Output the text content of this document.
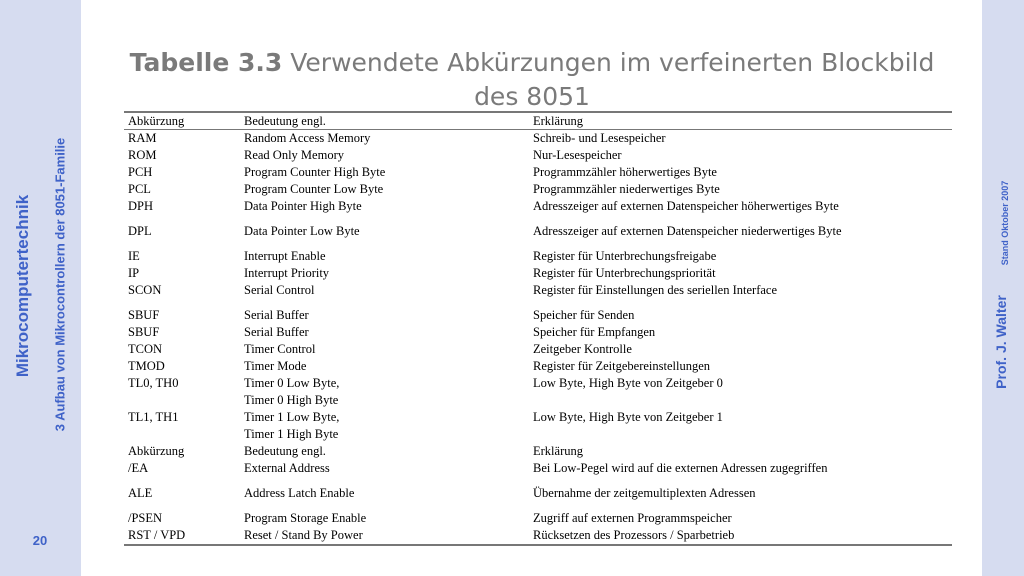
Mikrocomputertechnik 3 Aufbau von Mikrocontrollern der 8051-Familie	Prof. J. Walter
Stand Oktober 2007
20
Tabelle 3.3 Verwendete Abkürzungen im verfeinerten Blockbild des 8051
Abkürzung	Bedeutung engl.	Erklärung
RAM	Random Access Memory	Schreib- und Lesespeicher
ROM	Read Only Memory	Nur-Lesespeicher
PCH	Program Counter High Byte	Programmzähler höherwertiges Byte
PCL	Program Counter Low Byte	Programmzähler niederwertiges Byte
DPH	Data Pointer High Byte	Adresszeiger auf externen Datenspeicher höherwertiges Byte
DPL	Data Pointer Low Byte	Adresszeiger auf externen Datenspeicher niederwertiges Byte
IE	Interrupt Enable	Register für Unterbrechungsfreigabe
IP	Interrupt Priority	Register für Unterbrechungspriorität
SCON	Serial Control	Register für Einstellungen des seriellen Interface
SBUF	Serial Buffer	Speicher für Senden
SBUF	Serial Buffer	Speicher für Empfangen
TCON	Timer Control	Zeitgeber Kontrolle
TMOD	Timer Mode	Register für Zeitgebereinstellungen
TL0, TH0	Timer 0 Low Byte,	Low Byte, High Byte von Zeitgeber 0
	Timer 0 High Byte	
TL1, TH1	Timer 1 Low Byte,	Low Byte, High Byte von Zeitgeber 1
	Timer 1 High Byte	
Abkürzung	Bedeutung engl.	Erklärung
/EA	External Address	Bei Low-Pegel wird auf die externen Adressen zugegriffen
ALE	Address Latch Enable	Übernahme der zeitgemultiplexten Adressen
/PSEN	Program Storage Enable	Zugriff auf externen Programmspeicher
RST / VPD	Reset / Stand By Power	Rücksetzen des Prozessors / Sparbetrieb
